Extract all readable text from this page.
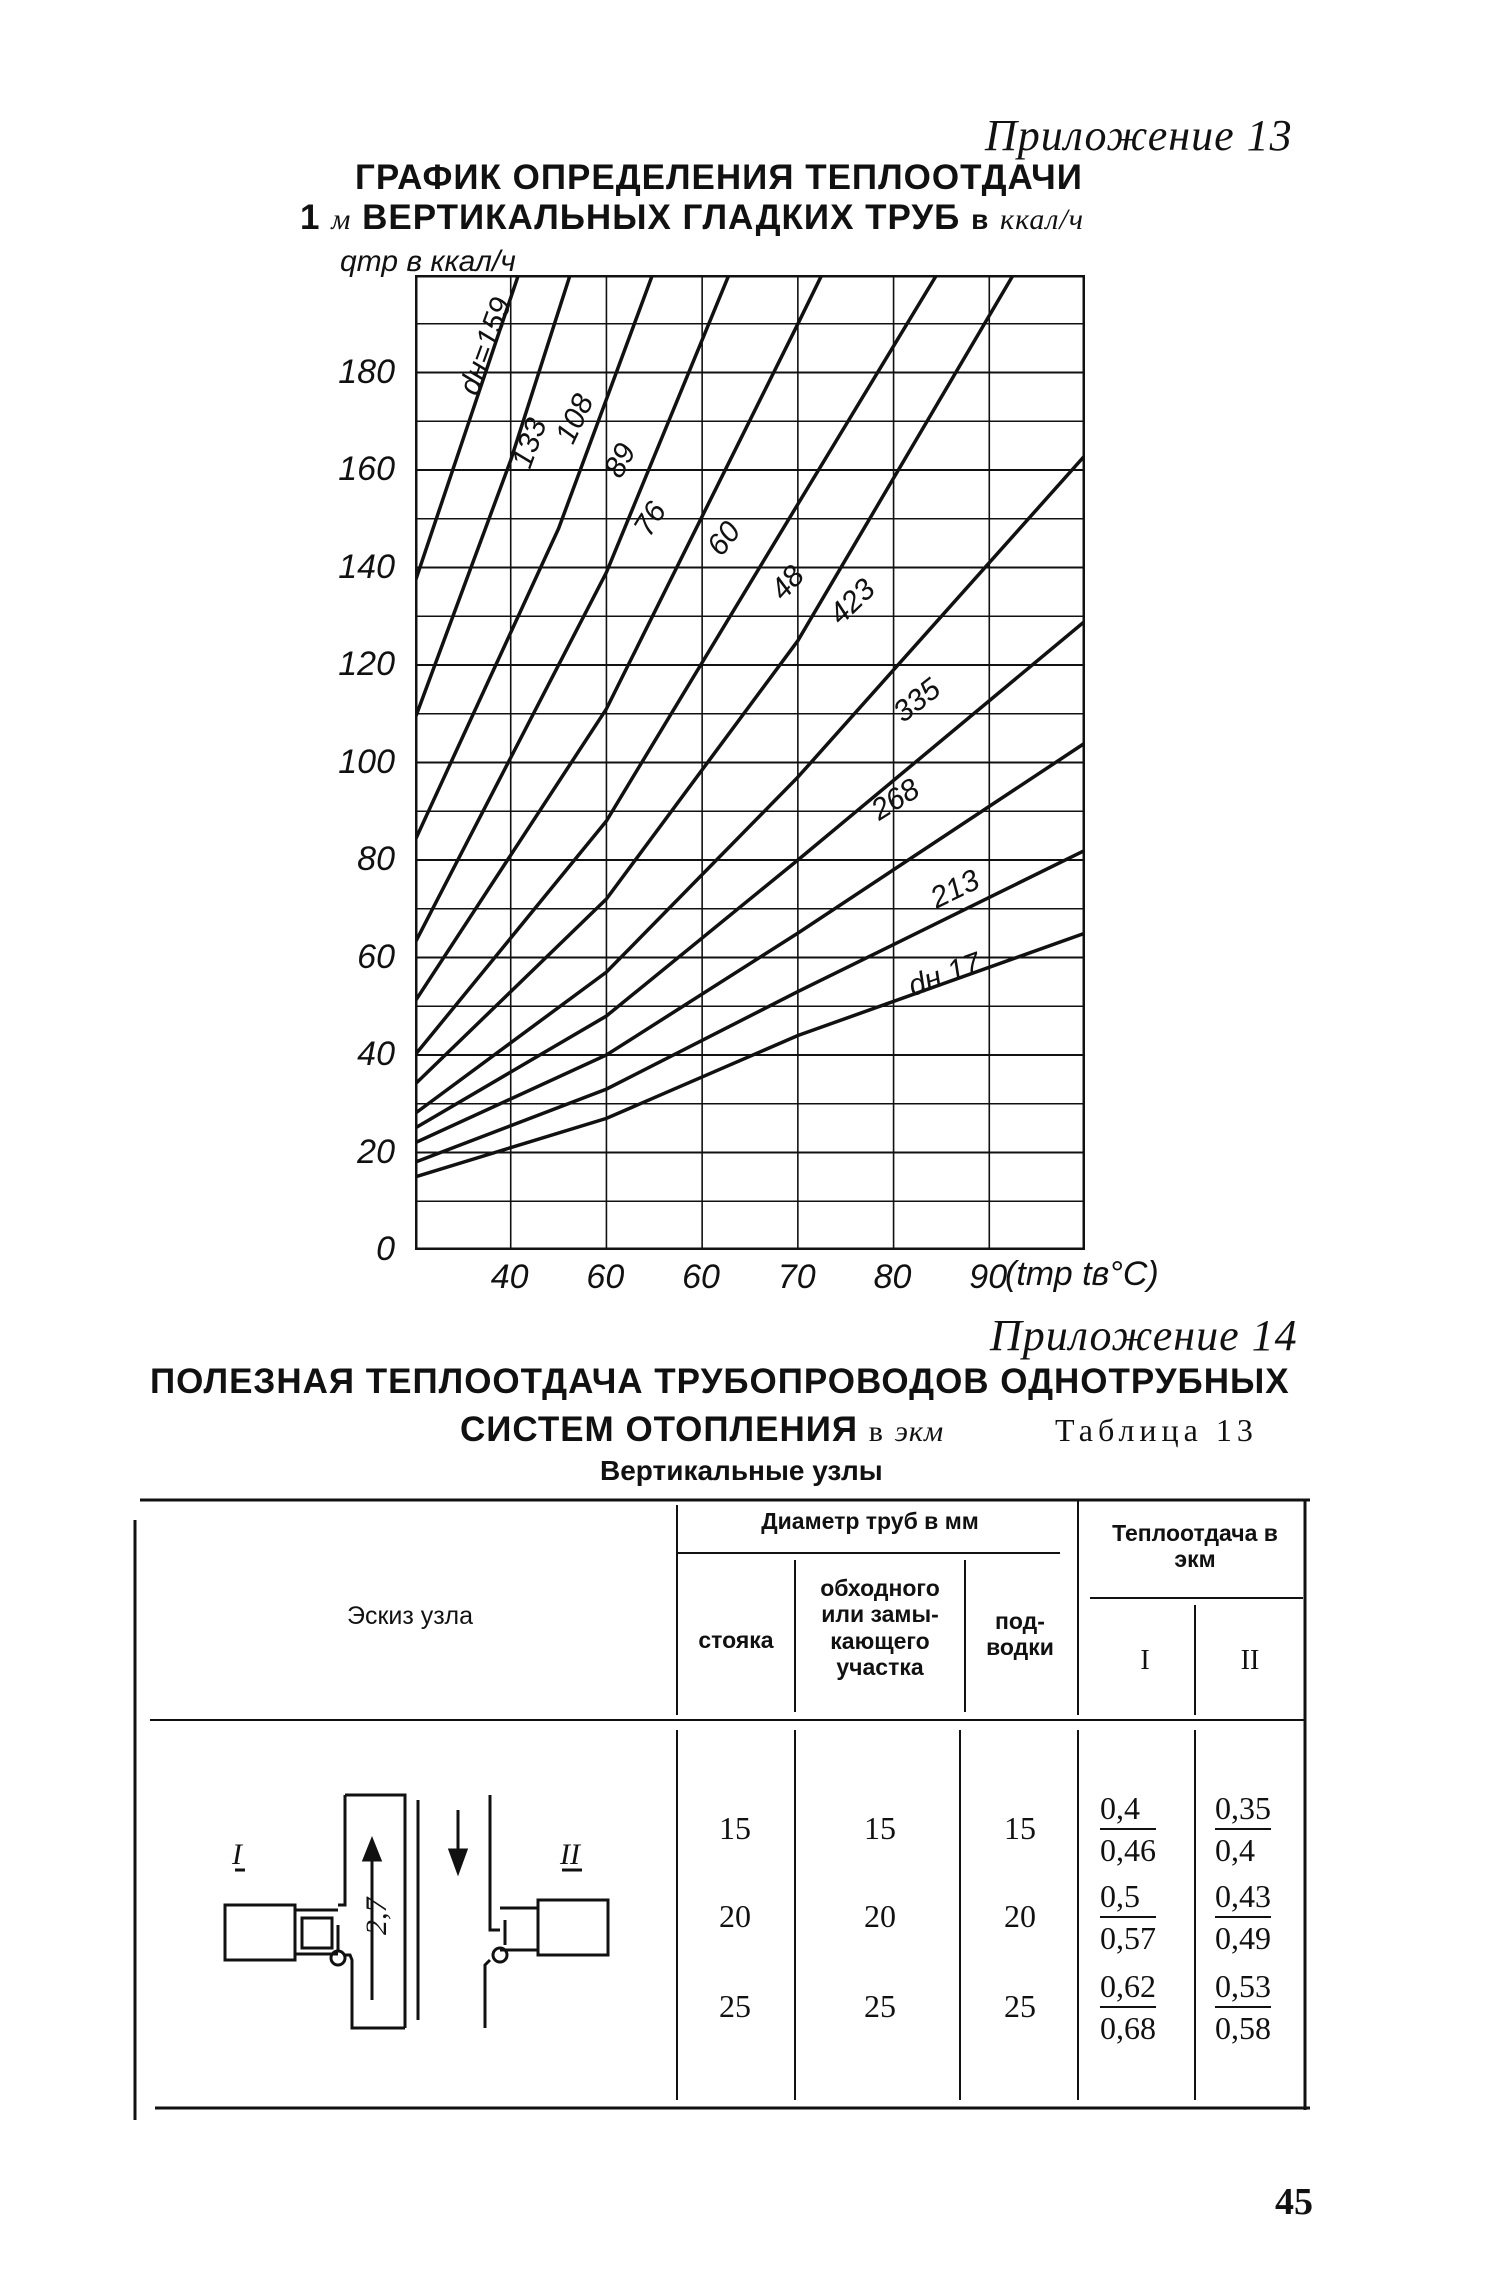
Приложение 13
ГРАФИК ОПРЕДЕЛЕНИЯ ТЕПЛООТДАЧИ
1 м ВЕРТИКАЛЬНЫХ ГЛАДКИХ ТРУБ в ккал/ч
qтр в ккал/ч
0
20
40
60
80
100
120
140
160
180
40 60 60 70 80 90
(tтр tв°С)
dн 17
213
268
335
423
48
60
76
89
108
133
dн=159
Приложение 14
ПОЛЕЗНАЯ ТЕПЛООТДАЧА ТРУБОПРОВОДОВ ОДНОТРУБНЫХ
СИСТЕМ ОТОПЛЕНИЯ в экм	Таблица 13
Вертикальные узлы
Эскиз узла
Диаметр труб в мм
стояка
обходного или замыкающего участка
подводки
Теплоотдача в экм
I	II
I	II
2,7
15	15	15	$\frac{0,4}{0,46} \frac{0,35}{0,4}$
20	20	20	$\frac{0,5}{0,57} \frac{0,43}{0,49}$
25	25	25	$\frac{0,62}{0,68} \frac{0,53}{0,58}$
45
